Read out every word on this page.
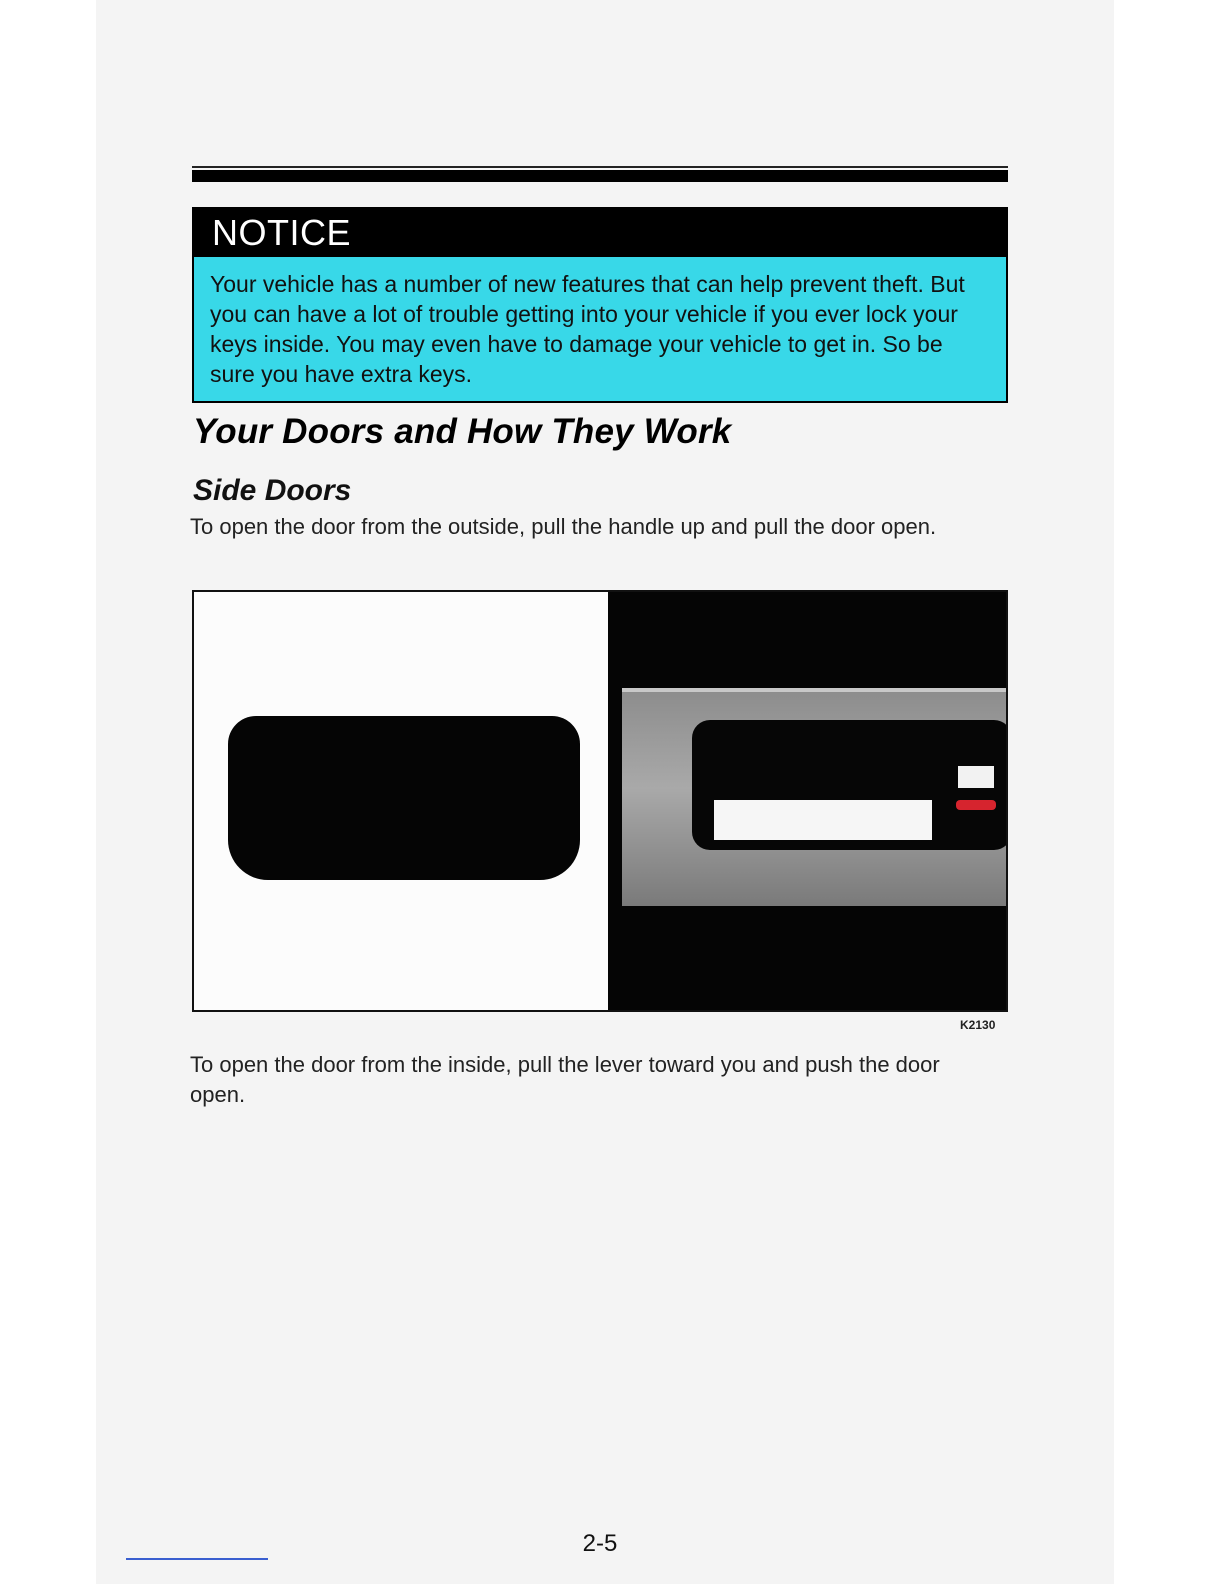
NOTICE
Your vehicle has a number of new features that can help prevent theft. But you can have a lot of trouble getting into your vehicle if you ever lock your keys inside. You may even have to damage your vehicle to get in. So be sure you have extra keys.
Your Doors and How They Work
Side Doors

To open the door from the outside, pull the handle up and pull the door open.

K2130

To open the door from the inside, pull the lever toward you and push the door open.

2-5
